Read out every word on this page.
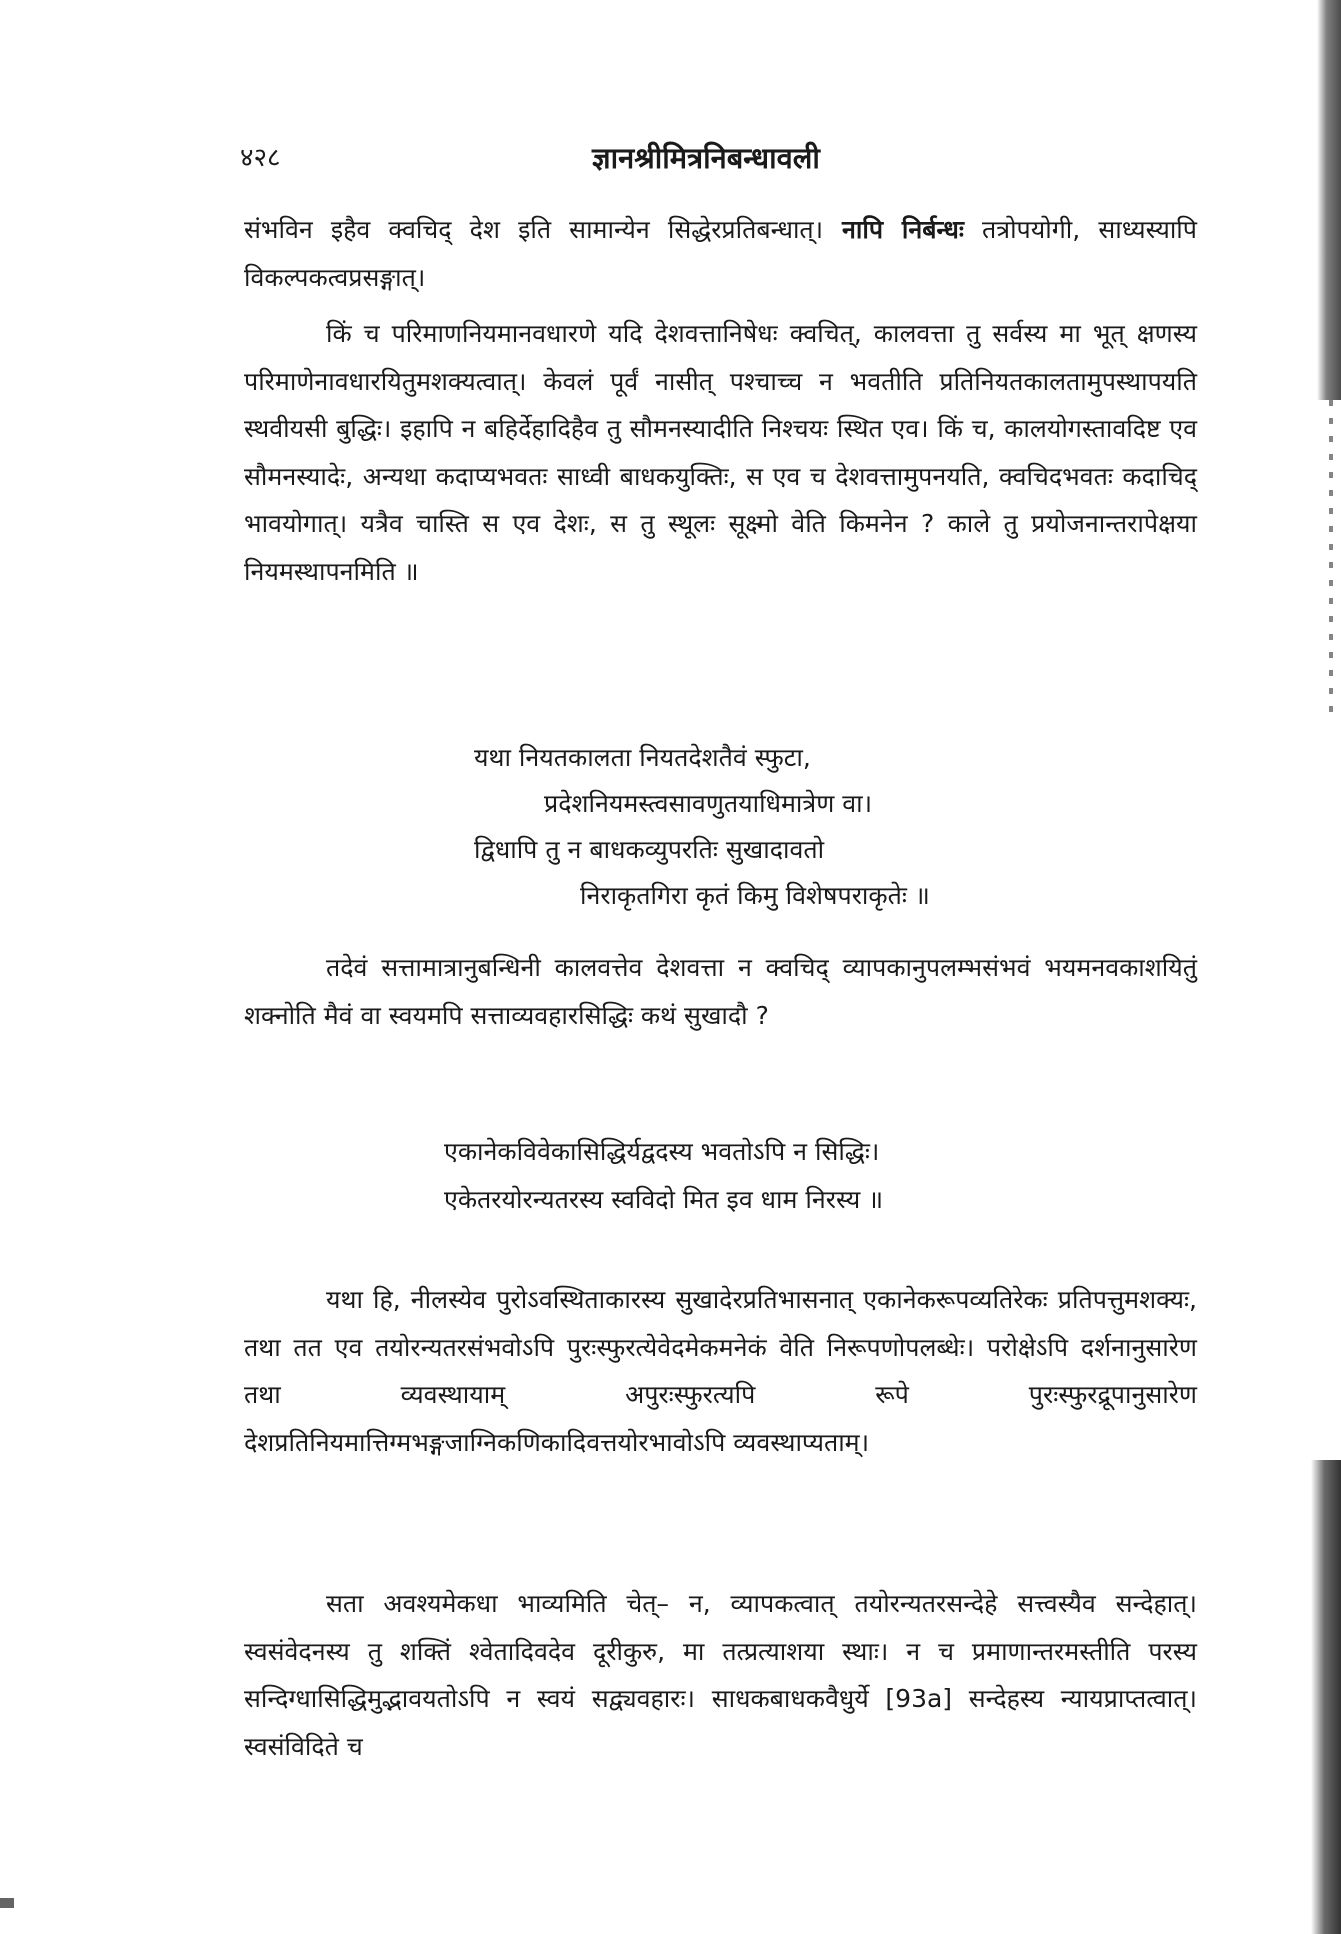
४२८	ज्ञानश्रीमित्रनिबन्धावली

संभविन इहैव क्वचिद् देश इति सामान्येन सिद्धेरप्रतिबन्धात्। नापि निर्बन्धः तत्रोपयोगी, साध्यस्यापि विकल्पकत्वप्रसङ्गात्।

किं च परिमाणनियमानवधारणे यदि देशवत्तानिषेधः क्वचित्, कालवत्ता तु सर्वस्य मा भूत् क्षणस्य परिमाणेनावधारयितुमशक्यत्वात्। केवलं पूर्वं नासीत् पश्चाच्च न भवतीति प्रतिनियतकालतामुपस्थापयति स्थवीयसी बुद्धिः। इहापि न बहिर्देहादिहैव तु सौमनस्यादीति निश्चयः स्थित एव। किं च, कालयोगस्तावदिष्ट एव सौमनस्यादेः, अन्यथा कदाप्यभवतः साध्वी बाधकयुक्तिः, स एव च देशवत्तामुपनयति, क्वचिदभवतः कदाचिद् भावयोगात्। यत्रैव चास्ति स एव देशः, स तु स्थूलः सूक्ष्मो वेति किमनेन ? काले तु प्रयोजनान्तरापेक्षया नियमस्थापनमिति ॥

यथा नियतकालता नियतदेशतैवं स्फुटा,

प्रदेशनियमस्त्वसावणुतयाधिमात्रेण वा।

द्विधापि तु न बाधकव्युपरतिः सुखादावतो

निराकृतगिरा कृतं किमु विशेषपराकृतेः ॥

तदेवं सत्तामात्रानुबन्धिनी कालवत्तेव देशवत्ता न क्वचिद् व्यापकानुपलम्भसंभवं भयमनवकाशयितुं शक्नोति मैवं वा स्वयमपि सत्ताव्यवहारसिद्धिः कथं सुखादौ ?

एकानेकविवेकासिद्धिर्यद्वदस्य भवतोऽपि न सिद्धिः।

एकेतरयोरन्यतरस्य स्वविदो मित इव धाम निरस्य ॥

यथा हि, नीलस्येव पुरोऽवस्थिताकारस्य सुखादेरप्रतिभासनात् एकानेकरूपव्यतिरेकः प्रतिपत्तुमशक्यः, तथा तत एव तयोरन्यतरसंभवोऽपि पुरःस्फुरत्येवेदमेकमनेकं वेति निरूपणोपलब्धेः। परोक्षेऽपि दर्शनानुसारेण तथा व्यवस्थायाम् अपुरःस्फुरत्यपि रूपे पुरःस्फुरद्रूपानुसारेण देशप्रतिनियमात्तिग्मभङ्गजाग्निकणिकादिवत्तयोरभावोऽपि व्यवस्थाप्यताम्।

सता अवश्यमेकधा भाव्यमिति चेत्– न, व्यापकत्वात् तयोरन्यतरसन्देहे सत्त्वस्यैव सन्देहात्। स्वसंवेदनस्य तु शक्तिं श्वेतादिवदेव दूरीकुरु, मा तत्प्रत्याशया स्थाः। न च प्रमाणान्तरमस्तीति परस्य सन्दिग्धासिद्धिमुद्भावयतोऽपि न स्वयं सद्व्यवहारः। साधकबाधकवैधुर्ये [93a] सन्देहस्य न्यायप्राप्तत्वात्। स्वसंविदिते च
